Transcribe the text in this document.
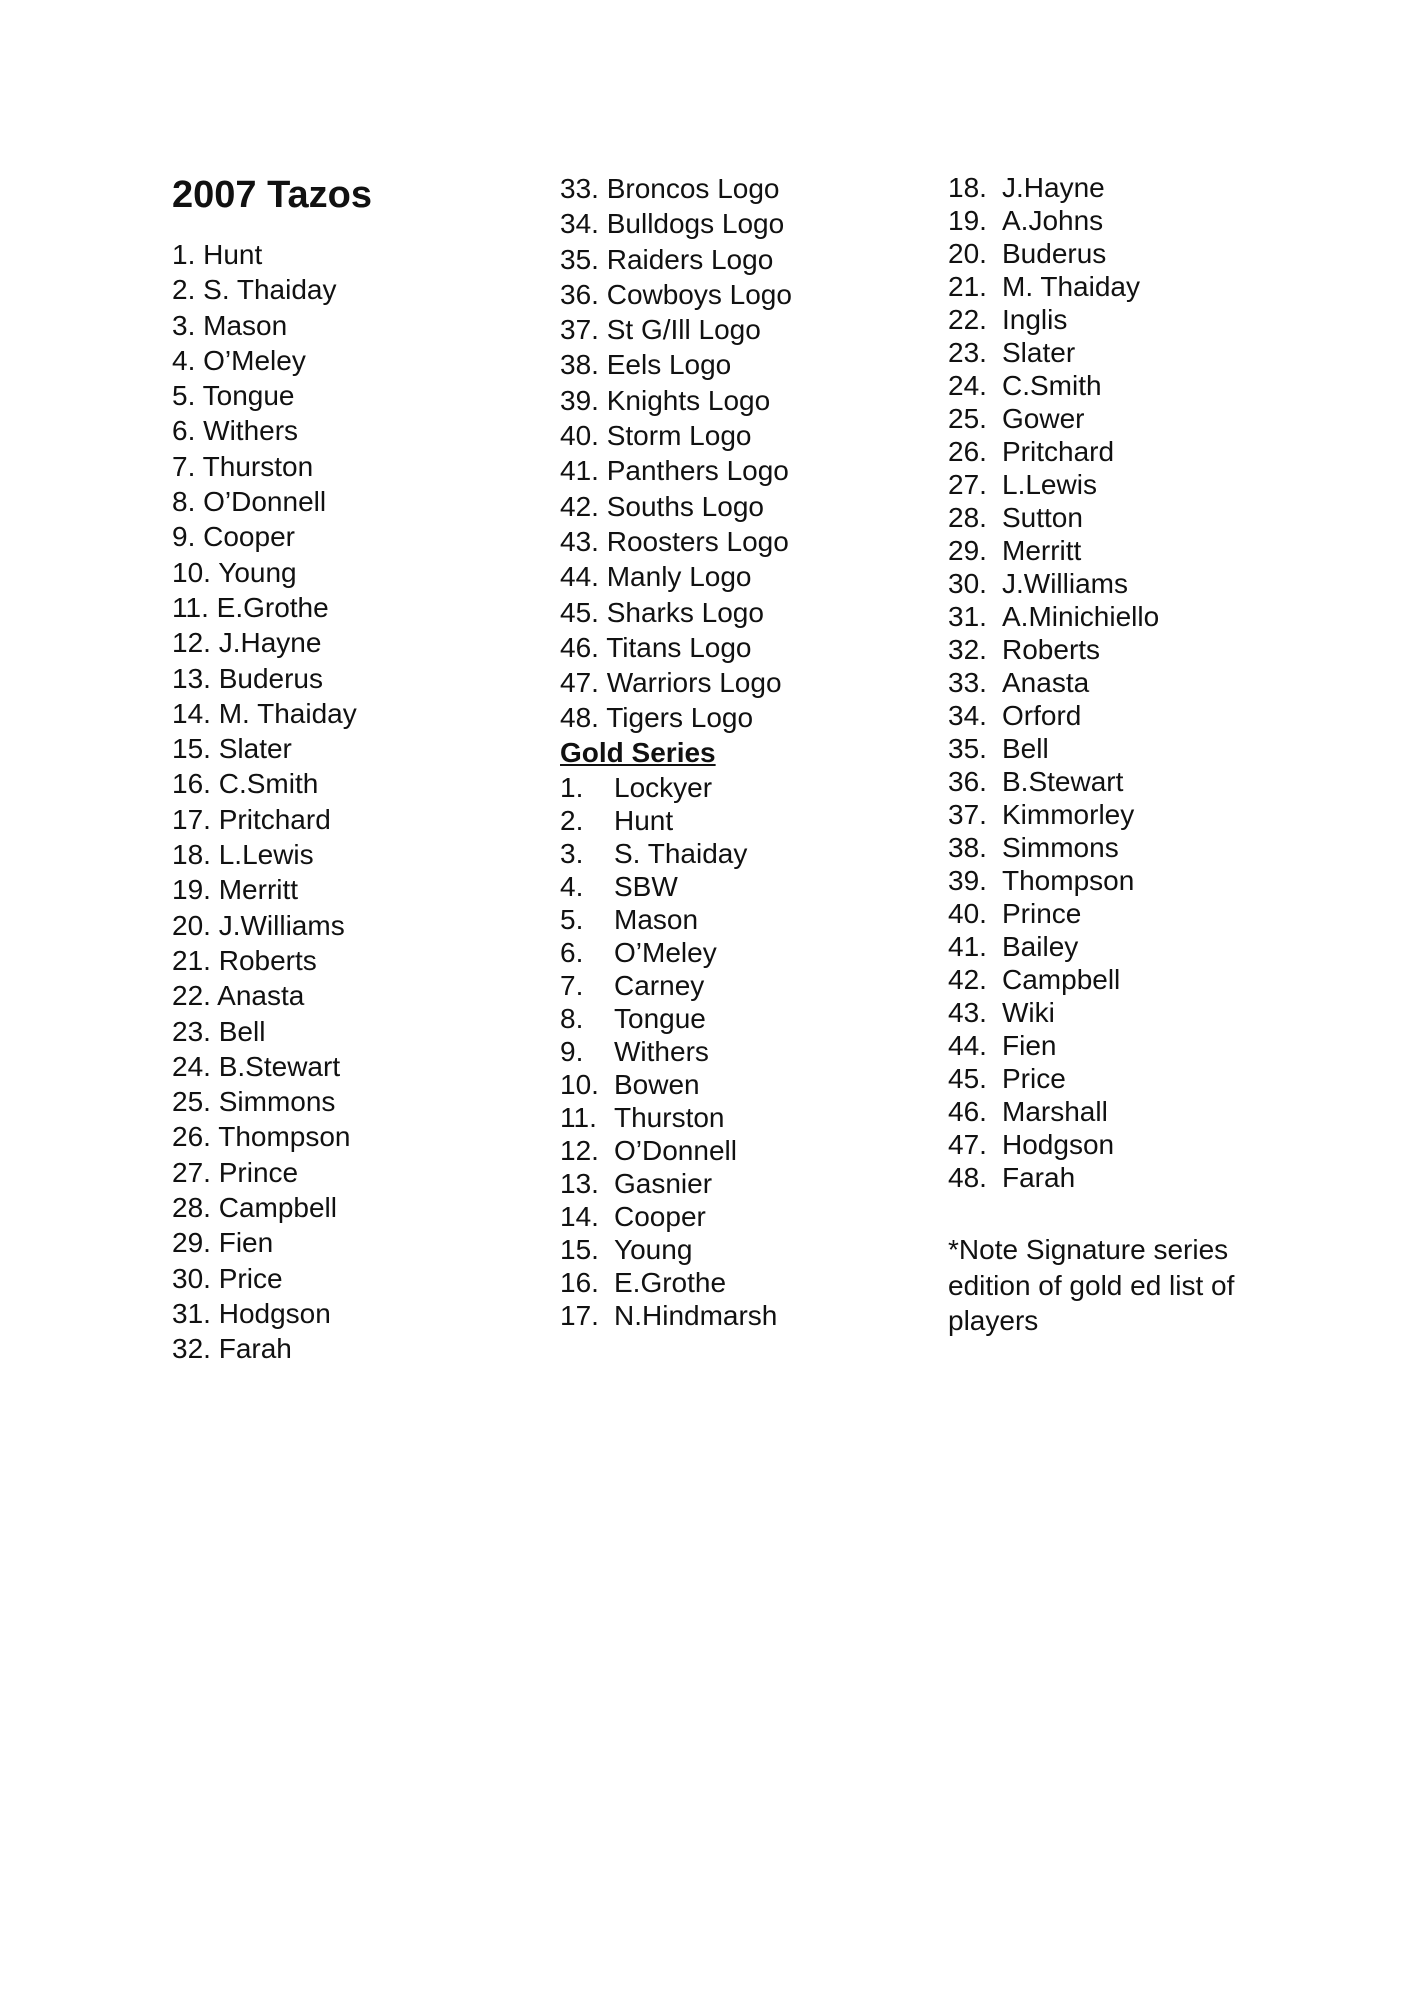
2007 Tazos
1. Hunt
2. S. Thaiday
3. Mason
4. O’Meley
5. Tongue
6. Withers
7. Thurston
8. O’Donnell
9. Cooper
10. Young
11. E.Grothe
12. J.Hayne
13. Buderus
14. M. Thaiday
15. Slater
16. C.Smith
17. Pritchard
18. L.Lewis
19. Merritt
20. J.Williams
21. Roberts
22. Anasta
23. Bell
24. B.Stewart
25. Simmons
26. Thompson
27. Prince
28. Campbell
29. Fien
30. Price
31. Hodgson
32. Farah
33. Broncos Logo
34. Bulldogs Logo
35. Raiders Logo
36. Cowboys Logo
37. St G/Ill Logo
38. Eels Logo
39. Knights Logo
40. Storm Logo
41. Panthers Logo
42. Souths Logo
43. Roosters Logo
44. Manly Logo
45. Sharks Logo
46. Titans Logo
47. Warriors Logo
48. Tigers Logo
Gold Series
1. Lockyer
2. Hunt
3. S. Thaiday
4. SBW
5. Mason
6. O’Meley
7. Carney
8. Tongue
9. Withers
10. Bowen
11. Thurston
12. O’Donnell
13. Gasnier
14. Cooper
15. Young
16. E.Grothe
17. N.Hindmarsh
18. J.Hayne
19. A.Johns
20. Buderus
21. M. Thaiday
22. Inglis
23. Slater
24. C.Smith
25. Gower
26. Pritchard
27. L.Lewis
28. Sutton
29. Merritt
30. J.Williams
31. A.Minichiello
32. Roberts
33. Anasta
34. Orford
35. Bell
36. B.Stewart
37. Kimmorley
38. Simmons
39. Thompson
40. Prince
41. Bailey
42. Campbell
43. Wiki
44. Fien
45. Price
46. Marshall
47. Hodgson
48. Farah
*Note Signature series edition of gold ed list of players
